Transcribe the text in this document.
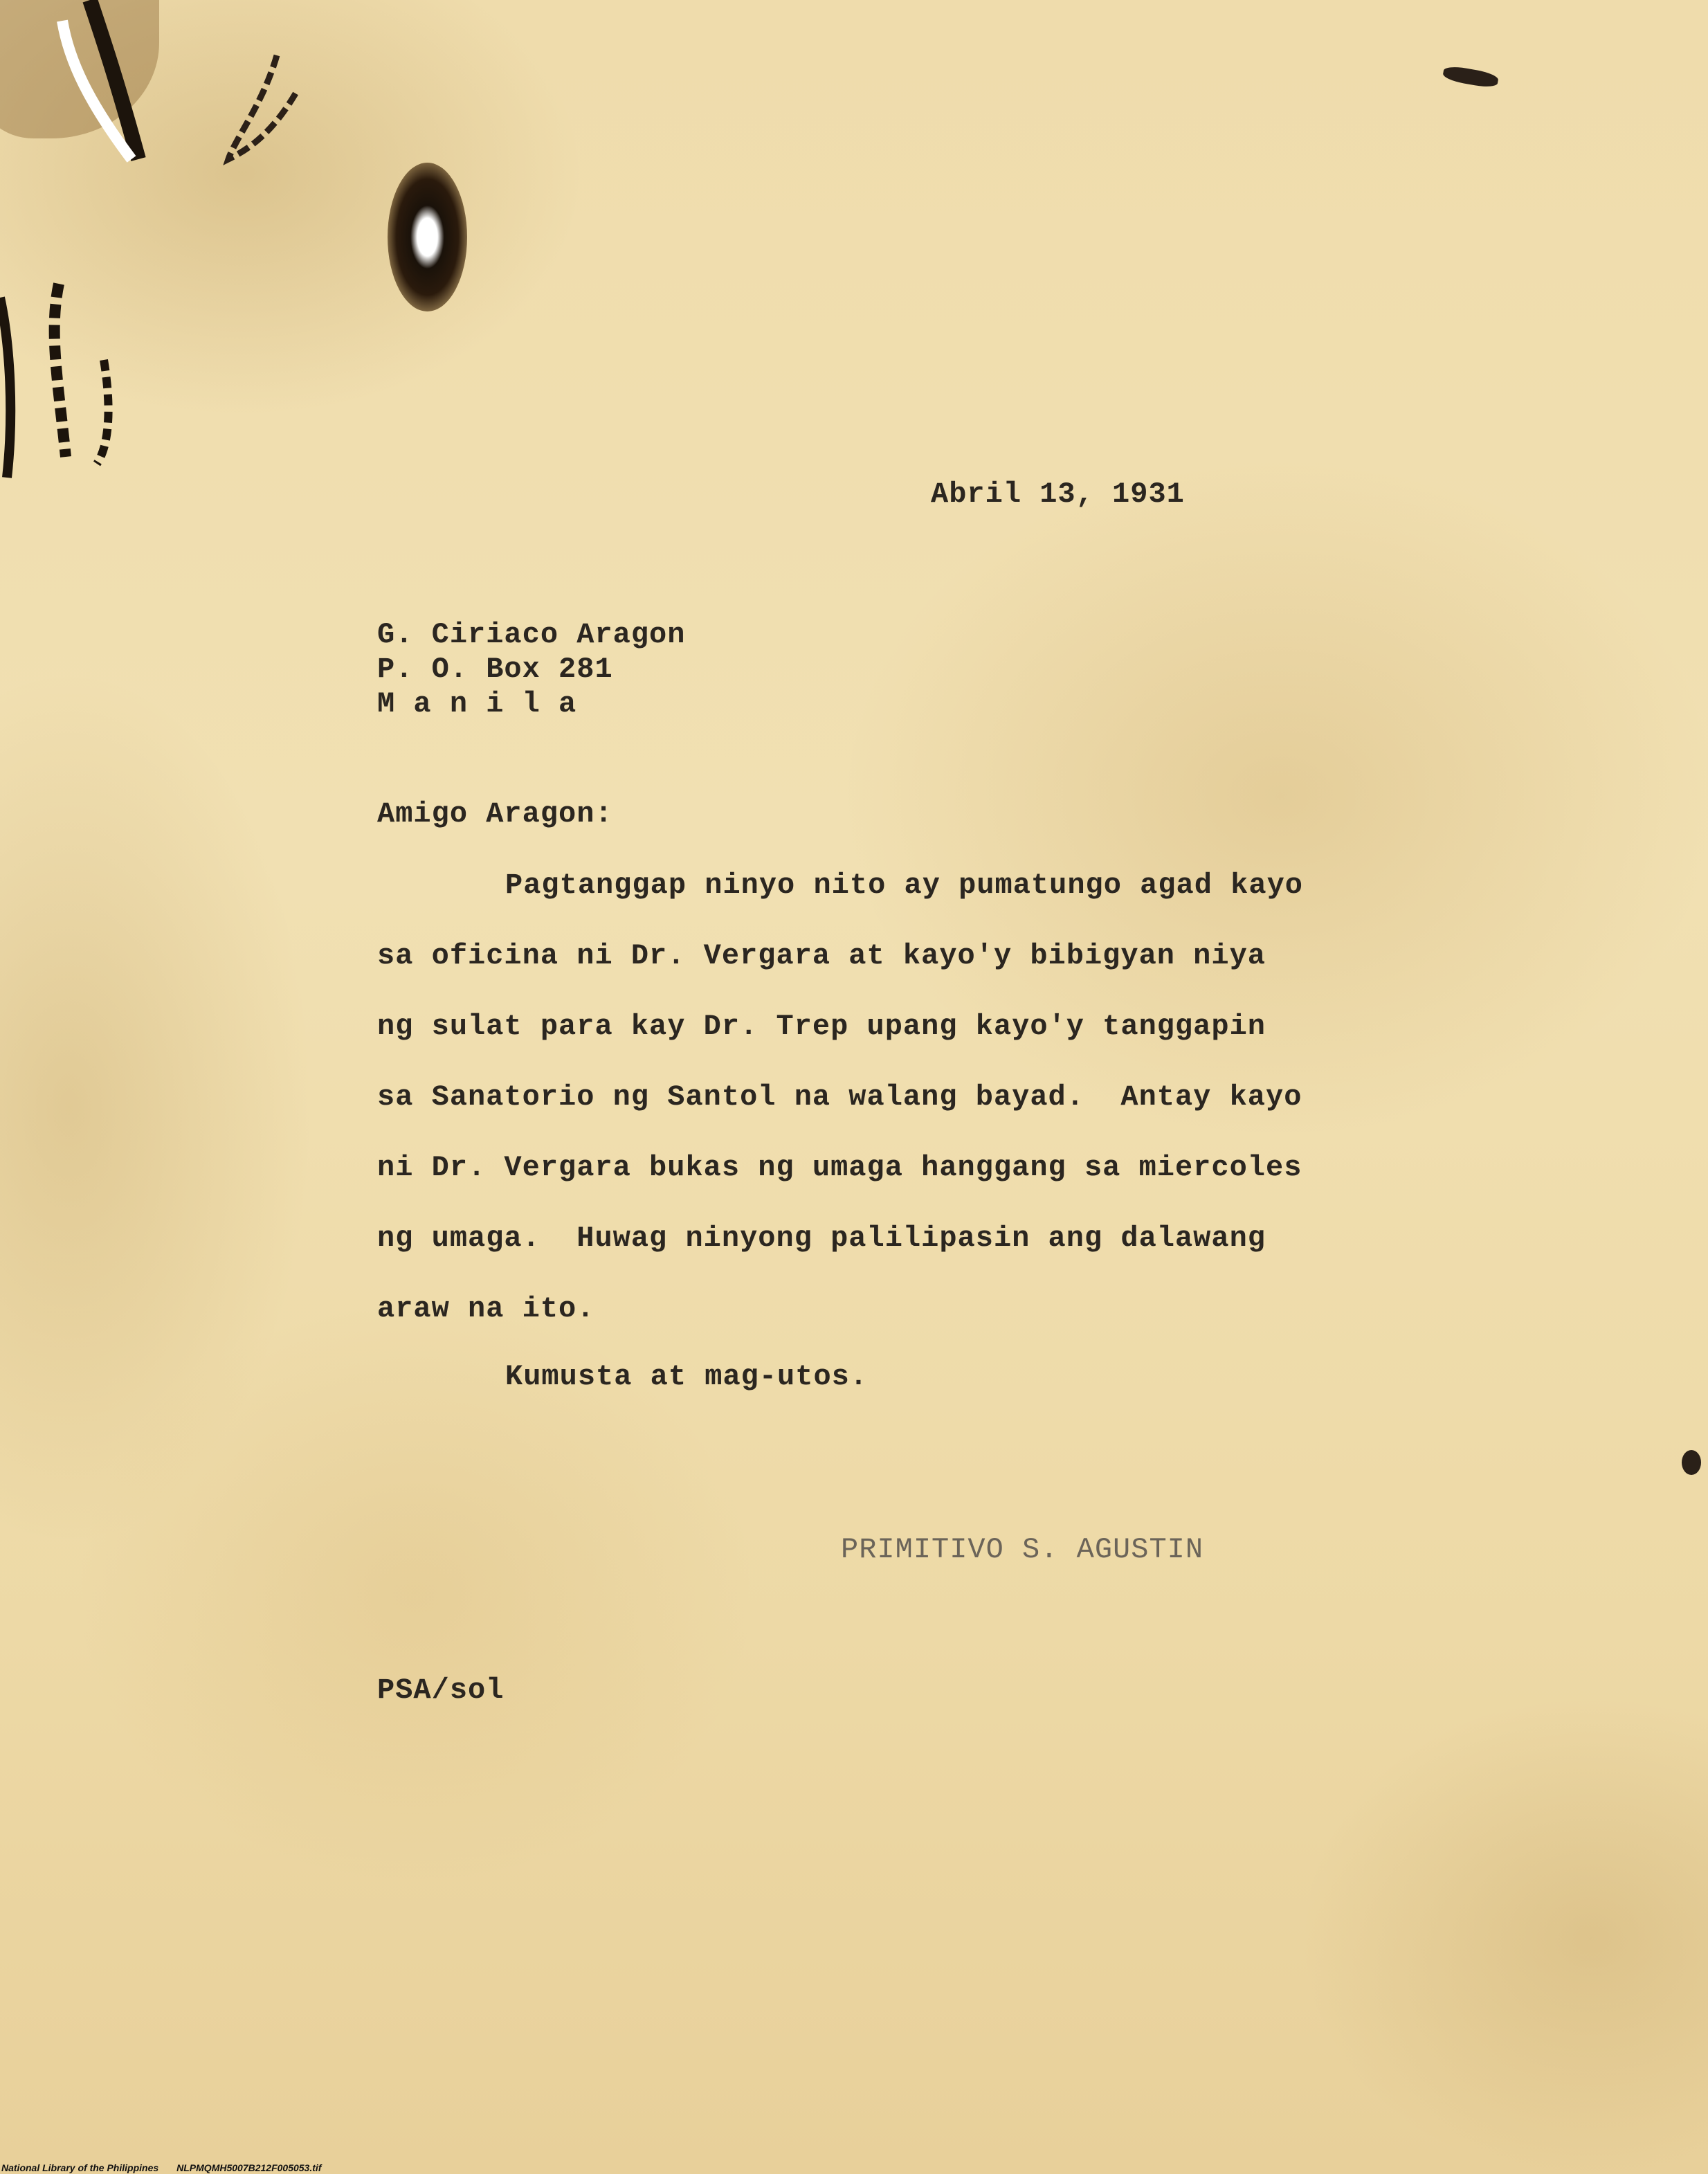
Abril 13, 1931
G. Ciriaco Aragon
P. O. Box 281
M a n i l a
Amigo Aragon:
Pagtanggap ninyo nito ay pumatungo agad kayo
sa oficina ni Dr. Vergara at kayo'y bibigyan niya
ng sulat para kay Dr. Trep upang kayo'y tanggapin
sa Sanatorio ng Santol na walang bayad.  Antay kayo
ni Dr. Vergara bukas ng umaga hanggang sa miercoles
ng umaga.  Huwag ninyong palilipasin ang dalawang
araw na ito.
Kumusta at mag-utos.
PRIMITIVO S. AGUSTIN
PSA/sol
National Library of the Philippines NLPMQMH5007B212F005053.tif
